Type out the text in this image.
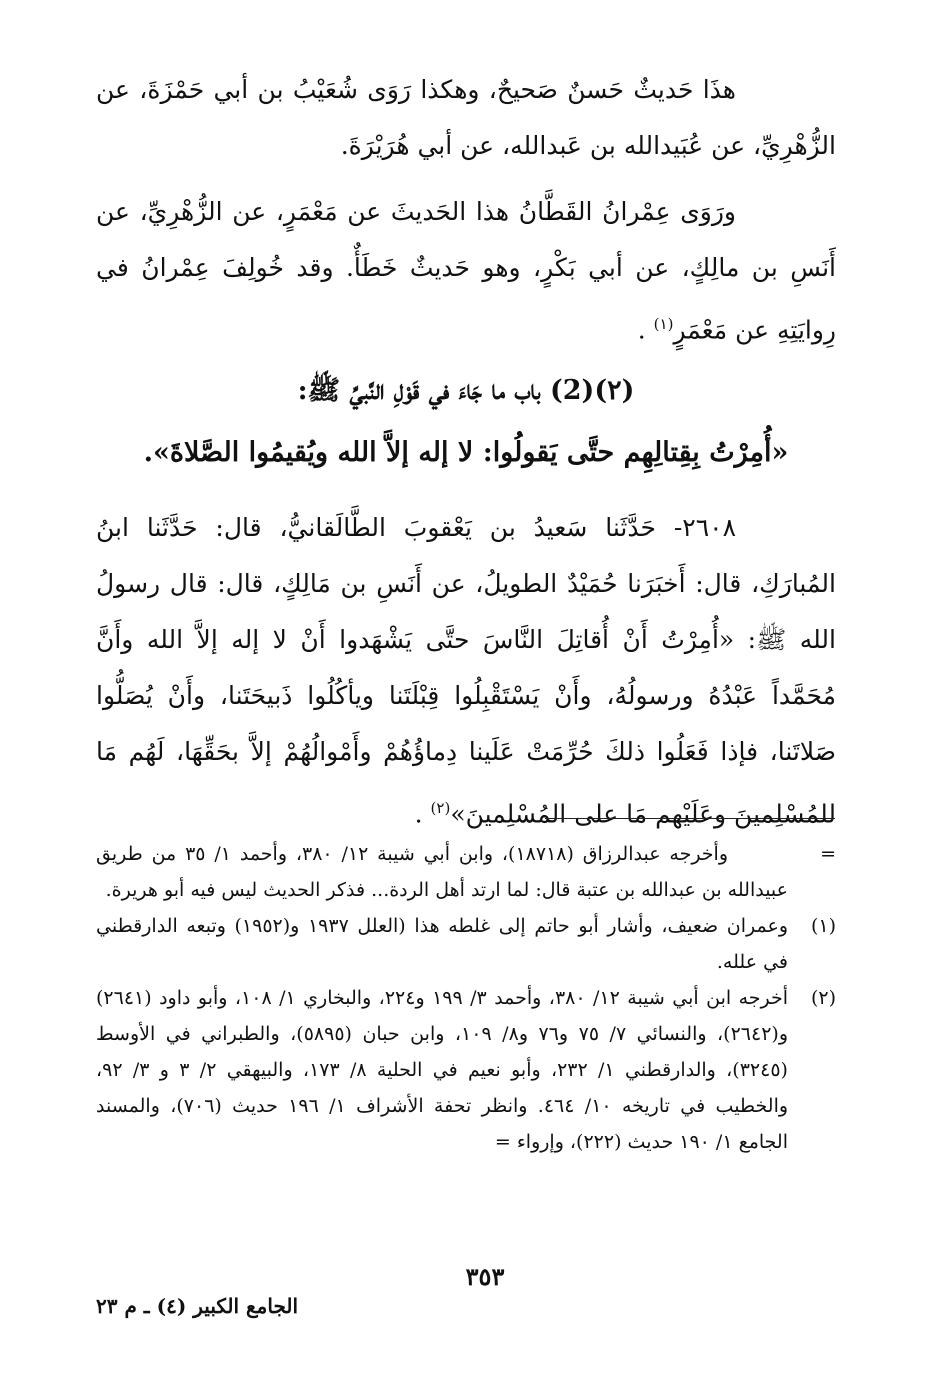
هذَا حَديثٌ حَسنٌ صَحيحٌ، وهكذا رَوَى شُعَيْبُ بن أبي حَمْزَةَ، عن الزُّهْرِيِّ، عن عُبَيدالله بن عَبدالله، عن أبي هُرَيْرَةَ.

ورَوَى عِمْرانُ القَطَّانُ هذا الحَديثَ عن مَعْمَرٍ، عن الزُّهْرِيِّ، عن أَنَسِ بن مالِكٍ، عن أبي بَكْرٍ، وهو حَديثٌ خَطَأٌ. وقد خُولِفَ عِمْرانُ في رِوايَتِهِ عن مَعْمَرٍ$^{(١)}$ .

(٢)(2) باب ما جَاءَ في قَوْلِ النَّبيِّ ﷺ:
«أُمِرْتُ بِقِتالِهِم حتَّى يَقولُوا: لا إله إلاَّ الله ويُقيمُوا الصَّلاةَ».

٢٦٠٨- حَدَّثَنا سَعيدُ بن يَعْقوبَ الطَّالَقانيُّ، قال: حَدَّثَنا ابنُ المُبارَكِ، قال: أَخبَرَنا حُمَيْدٌ الطويلُ، عن أَنَسِ بن مَالِكٍ، قال: قال رسولُ الله ﷺ: «أُمِرْتُ أَنْ أُقاتِلَ النَّاسَ حتَّى يَشْهَدوا أَنْ لا إله إلاَّ الله وأَنَّ مُحَمَّداً عَبْدُهُ ورسولُهُ، وأَنْ يَسْتَقْبِلُوا قِبْلَتَنا ويأكُلُوا ذَبيحَتَنا، وأَنْ يُصَلُّوا صَلاتَنا، فإذا فَعَلُوا ذلكَ حُرِّمَتْ عَلَينا دِماؤُهُمْ وأَمْوالُهُمْ إلاَّ بحَقِّهَا، لَهُم مَا للمُسْلِمينَ وعَلَيْهم مَا على المُسْلِمينَ»$^{(٢)}$ .

=
وأخرجه عبدالرزاق (١٨٧١٨)، وابن أبي شيبة ١٢/ ٣٨٠، وأحمد ١/ ٣٥ من طريق عبيدالله بن عبدالله بن عتبة قال: لما ارتد أهل الردة... فذكر الحديث ليس فيه أبو هريرة.
(١)
وعمران ضعيف، وأشار أبو حاتم إلى غلطه هذا (العلل ١٩٣٧ و(١٩٥٢) وتبعه الدارقطني في علله.
(٢)
أخرجه ابن أبي شيبة ١٢/ ٣٨٠، وأحمد ٣/ ١٩٩ و٢٢٤، والبخاري ١/ ١٠٨، وأبو داود (٢٦٤١) و(٢٦٤٢)، والنسائي ٧/ ٧٥ و٧٦ و٨/ ١٠٩، وابن حبان (٥٨٩٥)، والطبراني في الأوسط (٣٢٤٥)، والدارقطني ١/ ٢٣٢، وأبو نعيم في الحلية ٨/ ١٧٣، والبيهقي ٢/ ٣ و ٣/ ٩٢، والخطيب في تاريخه ١٠/ ٤٦٤. وانظر تحفة الأشراف ١/ ١٩٦ حديث (٧٠٦)، والمسند الجامع ١/ ١٩٠ حديث (٢٢٢)، وإرواء =
٣٥٣
الجامع الكبير (٤) ـ م ٢٣
